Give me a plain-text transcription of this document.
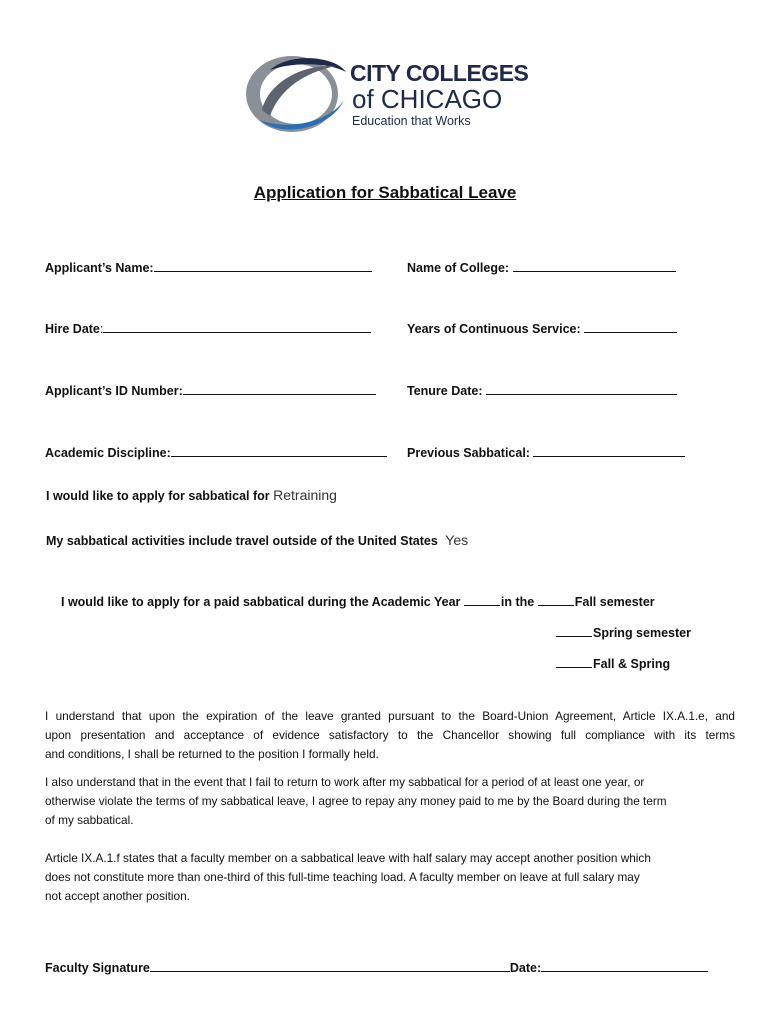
CITY COLLEGES
of CHICAGO
Education that Works
Application for Sabbatical Leave
Applicant’s Name:	Name of College:
Hire Date:	Years of Continuous Service:
Applicant’s ID Number:	Tenure Date:
Academic Discipline:	Previous Sabbatical:
I would like to apply for sabbatical for Retraining
My sabbatical activities include travel outside of the United States Yes
I would like to apply for a paid sabbatical during the Academic Year	in the	Fall semester
Spring semester
Fall & Spring
I understand that upon the expiration of the leave granted pursuant to the Board-Union Agreement, Article IX.A.1.e, and
upon presentation and acceptance of evidence satisfactory to the Chancellor showing full compliance with its terms
and conditions, I shall be returned to the position I formally held.
I also understand that in the event that I fail to return to work after my sabbatical for a period of at least one year, or
otherwise violate the terms of my sabbatical leave, I agree to repay any money paid to me by the Board during the term
of my sabbatical.
Article IX.A.1.f states that a faculty member on a sabbatical leave with half salary may accept another position which
does not constitute more than one-third of this full-time teaching load. A faculty member on leave at full salary may
not accept another position.
Faculty Signature	Date:
